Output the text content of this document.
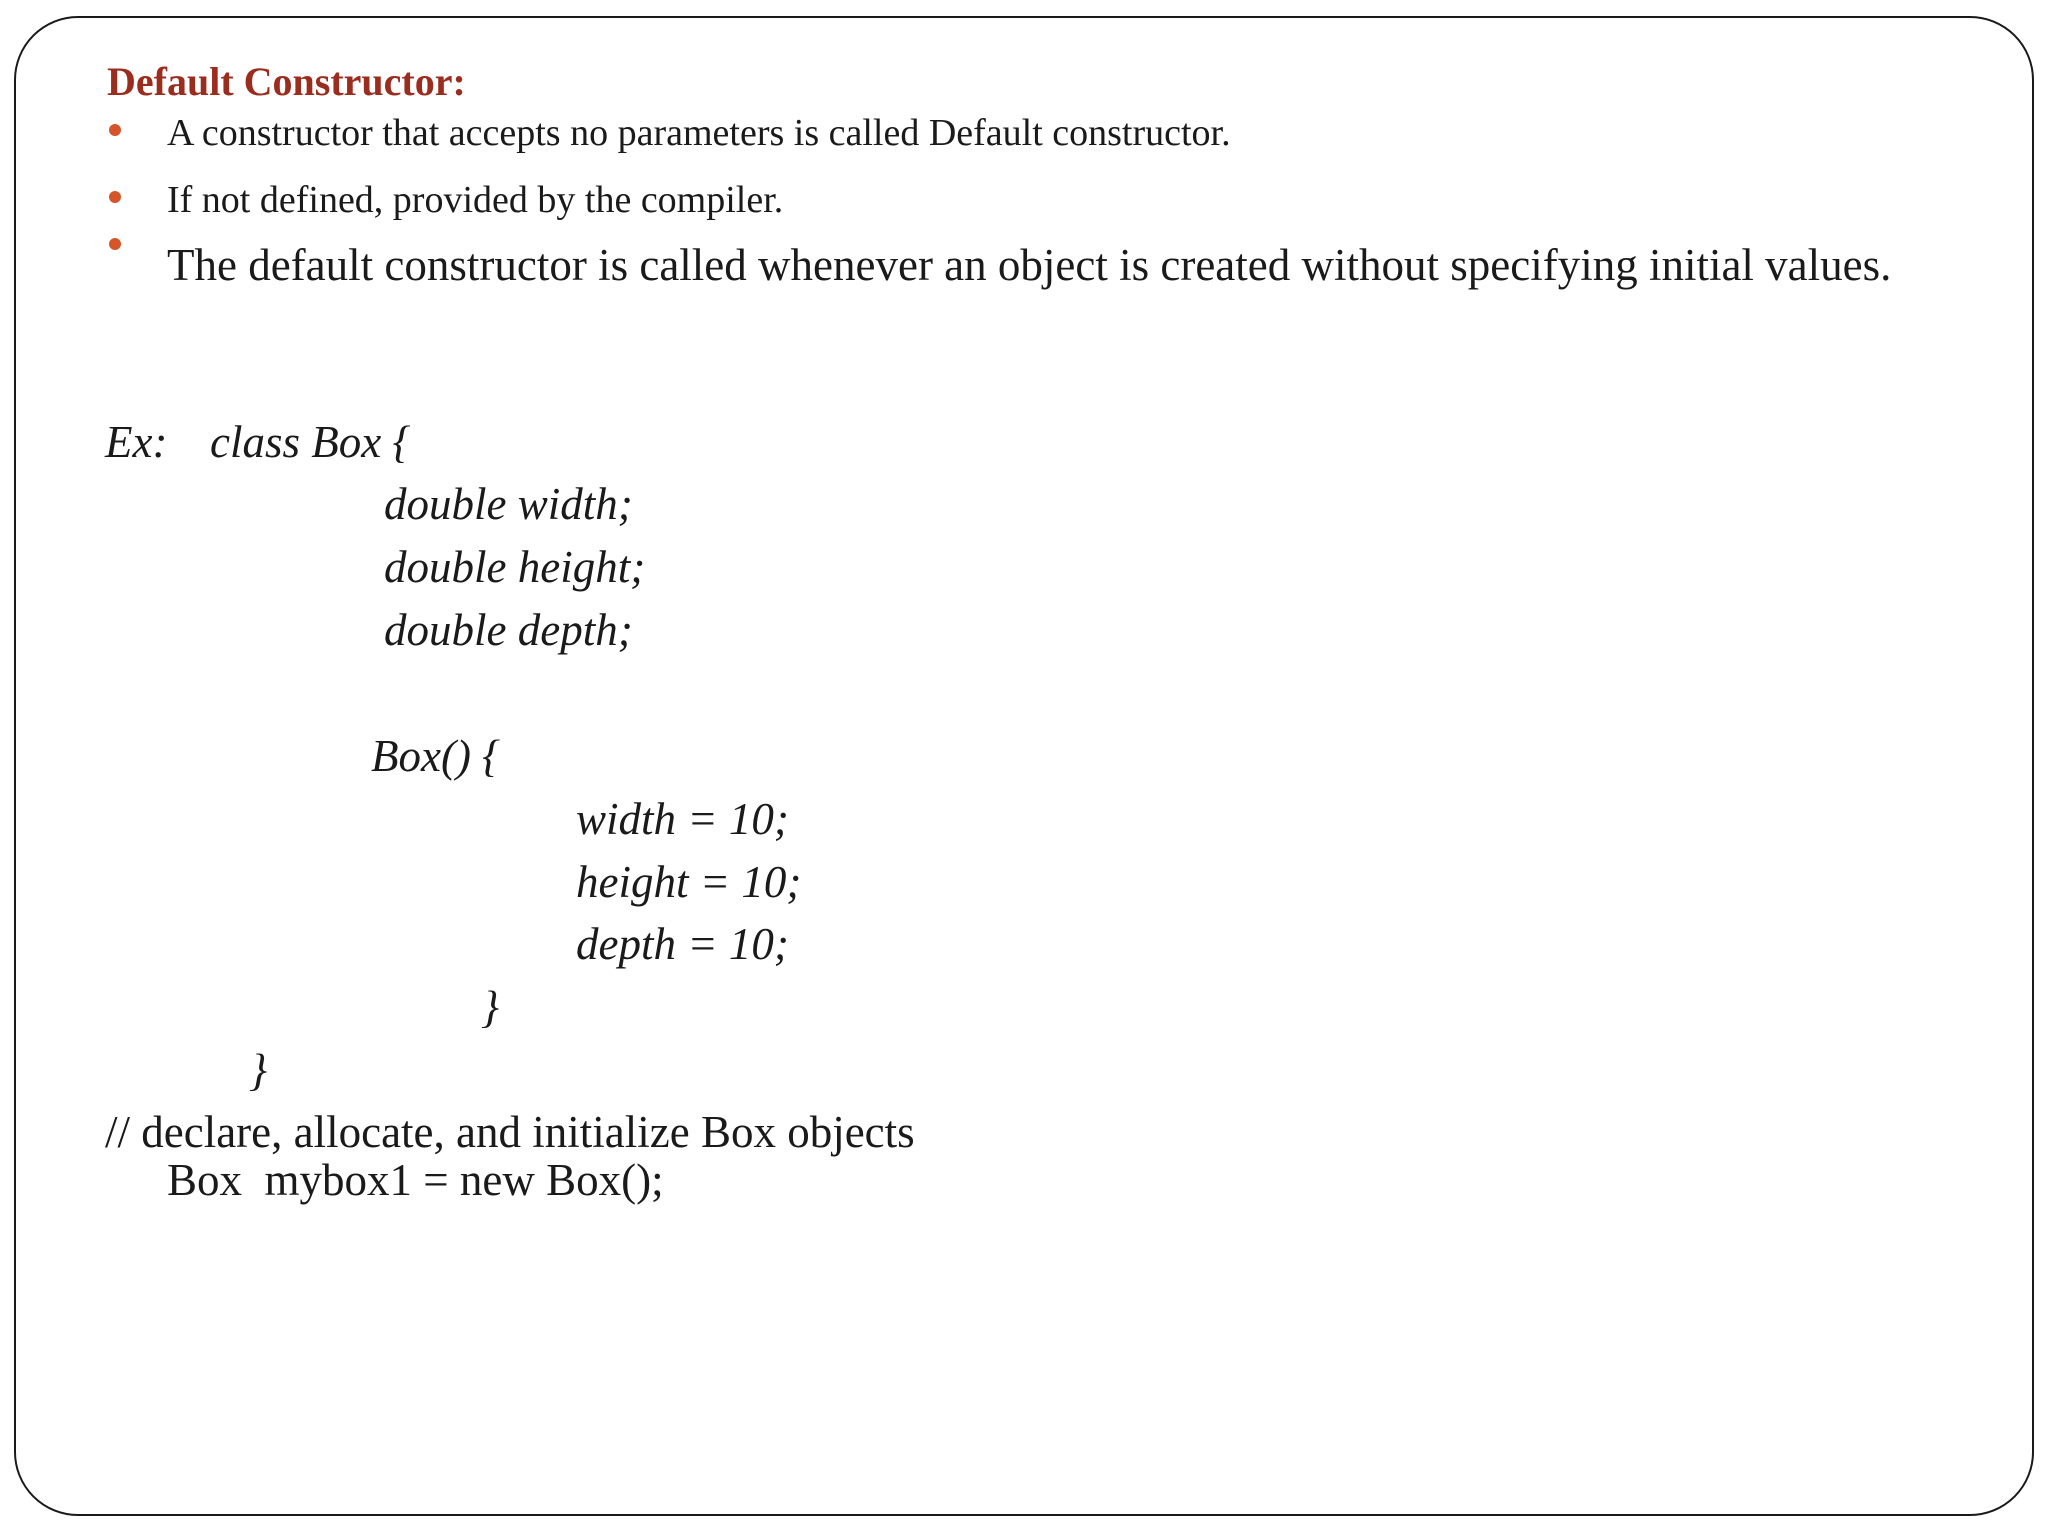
Default Constructor:
A constructor that accepts no parameters is called Default constructor.
If not defined, provided by the compiler.
The default constructor is called whenever an object is created without specifying initial values.
Ex: class Box {
double width;
double height;
double depth;
Box() {
width = 10;
height = 10;
depth = 10;
}
}
// declare, allocate, and initialize Box objects
Box  mybox1 = new Box();
